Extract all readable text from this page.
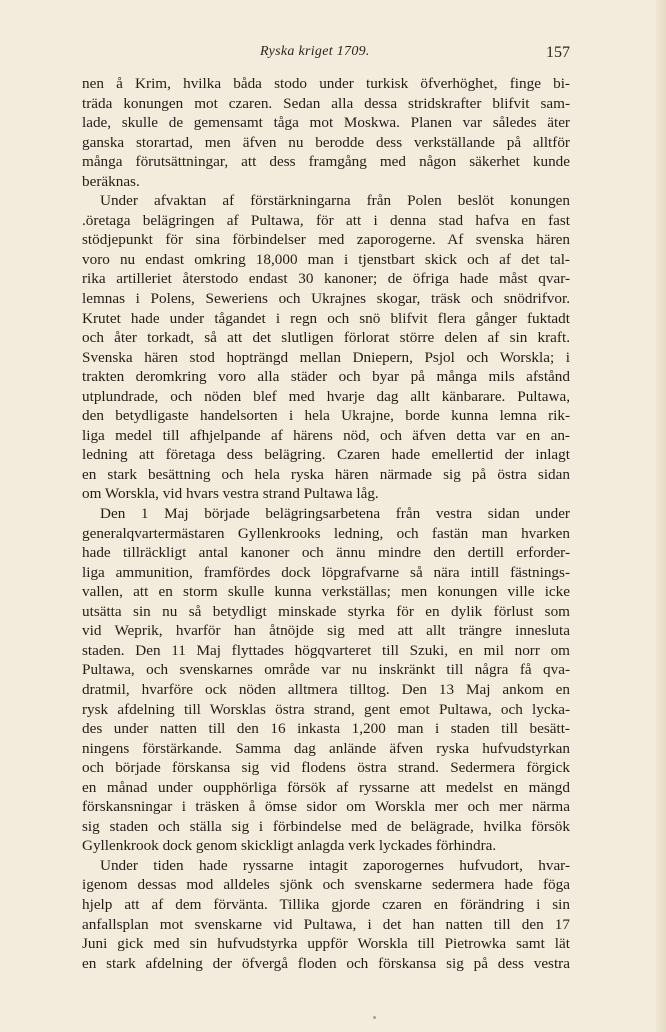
Ryska kriget 1709.	157
nen å Krim, hvilka båda stodo under turkisk öfverhöghet, finge bi-
träda konungen mot czaren. Sedan alla dessa stridskrafter blifvit sam-
lade, skulle de gemensamt tåga mot Moskwa. Planen var således äter
ganska storartad, men äfven nu berodde dess verkställande på alltför
många förutsättningar, att dess framgång med någon säkerhet kunde
beräknas.
Under afvaktan af förstärkningarna från Polen beslöt konungen
.öretaga belägringen af Pultawa, för att i denna stad hafva en fast
stödjepunkt för sina förbindelser med zaporogerne. Af svenska hären
voro nu endast omkring 18,000 man i tjenstbart skick och af det tal-
rika artilleriet återstodo endast 30 kanoner; de öfriga hade måst qvar-
lemnas i Polens, Seweriens och Ukrajnes skogar, träsk och snödrifvor.
Krutet hade under tågandet i regn och snö blifvit flera gånger fuktadt
och åter torkadt, så att det slutligen förlorat större delen af sin kraft.
Svenska hären stod hopträngd mellan Dniepern, Psjol och Worskla; i
trakten deromkring voro alla städer och byar på många mils afstånd
utplundrade, och nöden blef med hvarje dag allt känbarare. Pultawa,
den betydligaste handelsorten i hela Ukrajne, borde kunna lemna rik-
liga medel till afhjelpande af härens nöd, och äfven detta var en an-
ledning att företaga dess belägring. Czaren hade emellertid der inlagt
en stark besättning och hela ryska hären närmade sig på östra sidan
om Worskla, vid hvars vestra strand Pultawa låg.
Den 1 Maj började belägringsarbetena från vestra sidan under
generalqvartermästaren Gyllenkrooks ledning, och fastän man hvarken
hade tillräckligt antal kanoner och ännu mindre den dertill erforder-
liga ammunition, framfördes dock löpgrafvarne så nära intill fästnings-
vallen, att en storm skulle kunna verkställas; men konungen ville icke
utsätta sin nu så betydligt minskade styrka för en dylik förlust som
vid Weprik, hvarför han åtnöjde sig med att allt trängre innesluta
staden. Den 11 Maj flyttades högqvarteret till Szuki, en mil norr om
Pultawa, och svenskarnes område var nu inskränkt till några få qva-
dratmil, hvarföre ock nöden alltmera tilltog. Den 13 Maj ankom en
rysk afdelning till Worsklas östra strand, gent emot Pultawa, och lycka-
des under natten till den 16 inkasta 1,200 man i staden till besätt-
ningens förstärkande. Samma dag anlände äfven ryska hufvudstyrkan
och började förskansa sig vid flodens östra strand. Sedermera förgick
en månad under oupphörliga försök af ryssarne att medelst en mängd
förskansningar i träsken å ömse sidor om Worskla mer och mer närma
sig staden och ställa sig i förbindelse med de belägrade, hvilka försök
Gyllenkrook dock genom skickligt anlagda verk lyckades förhindra.
Under tiden hade ryssarne intagit zaporogernes hufvudort, hvar-
igenom dessas mod alldeles sjönk och svenskarne sedermera hade föga
hjelp att af dem förvänta. Tillika gjorde czaren en förändring i sin
anfallsplan mot svenskarne vid Pultawa, i det han natten till den 17
Juni gick med sin hufvudstyrka uppför Worskla till Pietrowka samt lät
en stark afdelning der öfvergå floden och förskansa sig på dess vestra
